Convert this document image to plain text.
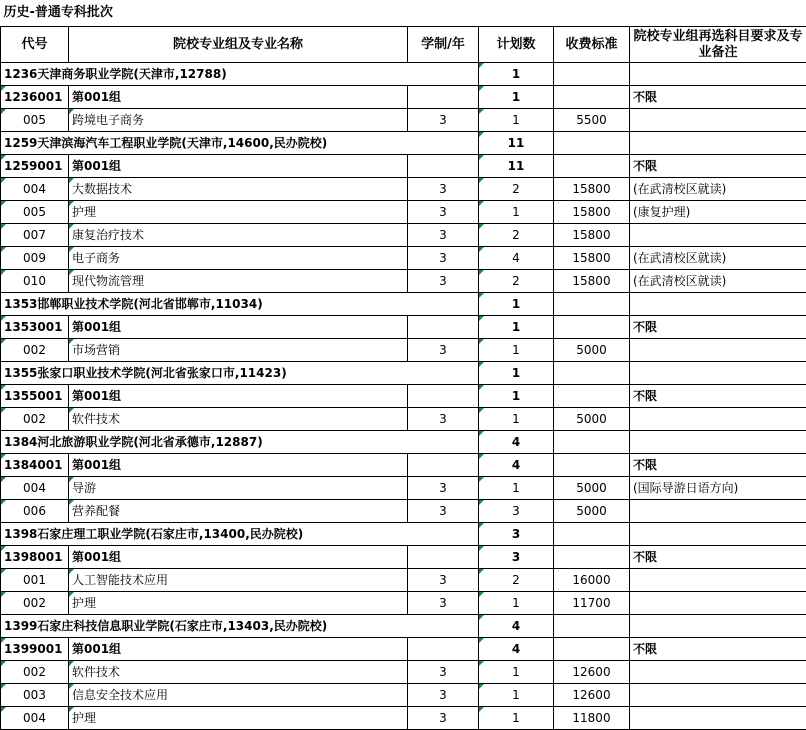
历史-普通专科批次					
代号	院校专业组及专业名称	学制/年	计划数	收费标准	院校专业组再选科目要求及专业备注
1236天津商务职业学院(天津市,12788)			1		
1236001	第001组		1		不限
005	跨境电子商务	3	1	5500	
1259天津滨海汽车工程职业学院(天津市,14600,民办院校)			11		
1259001	第001组		11		不限
004	大数据技术	3	2	15800	(在武清校区就读)
005	护理	3	1	15800	(康复护理)
007	康复治疗技术	3	2	15800	
009	电子商务	3	4	15800	(在武清校区就读)
010	现代物流管理	3	2	15800	(在武清校区就读)
1353邯郸职业技术学院(河北省邯郸市,11034)			1		
1353001	第001组		1		不限
002	市场营销	3	1	5000	
1355张家口职业技术学院(河北省张家口市,11423)			1		
1355001	第001组		1		不限
002	软件技术	3	1	5000	
1384河北旅游职业学院(河北省承德市,12887)			4		
1384001	第001组		4		不限
004	导游	3	1	5000	(国际导游日语方向)
006	营养配餐	3	3	5000	
1398石家庄理工职业学院(石家庄市,13400,民办院校)			3		
1398001	第001组		3		不限
001	人工智能技术应用	3	2	16000	
002	护理	3	1	11700	
1399石家庄科技信息职业学院(石家庄市,13403,民办院校)			4		
1399001	第001组		4		不限
002	软件技术	3	1	12600	
003	信息安全技术应用	3	1	12600	
004	护理	3	1	11800	
